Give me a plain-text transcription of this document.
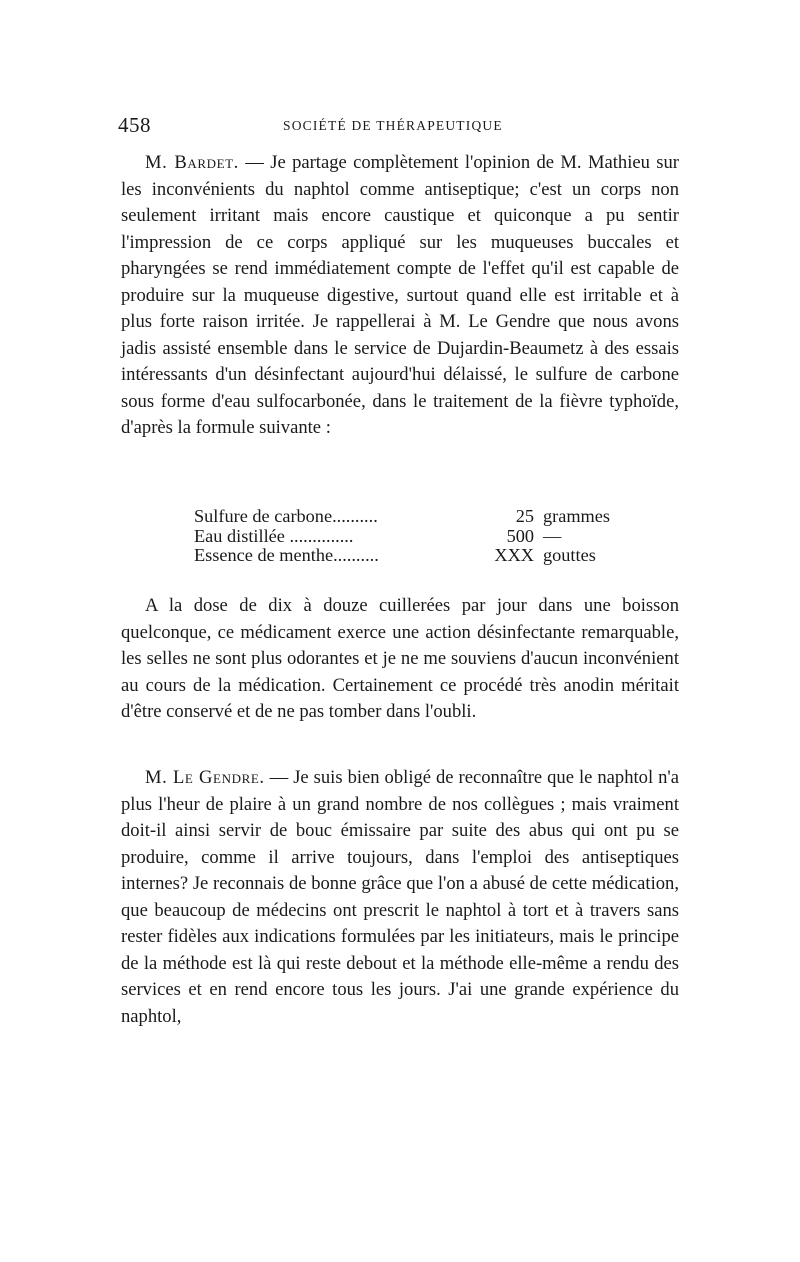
458	SOCIÉTÉ DE THÉRAPEUTIQUE

M. Bardet. — Je partage complètement l'opinion de M. Mathieu sur les inconvénients du naphtol comme antiseptique; c'est un corps non seulement irritant mais encore caustique et quiconque a pu sentir l'impression de ce corps appliqué sur les muqueuses buccales et pharyngées se rend immédiatement compte de l'effet qu'il est capable de produire sur la muqueuse digestive, surtout quand elle est irritable et à plus forte raison irritée. Je rappellerai à M. Le Gendre que nous avons jadis assisté ensemble dans le service de Dujardin-Beaumetz à des essais intéressants d'un désinfectant aujourd'hui délaissé, le sulfure de carbone sous forme d'eau sulfocarbonée, dans le traitement de la fièvre typhoïde, d'après la formule suivante :

Sulfure de carbone..........	25 grammes
Eau distillée ..............	500 —
Essence de menthe..........	XXX gouttes

A la dose de dix à douze cuillerées par jour dans une boisson quelconque, ce médicament exerce une action désinfectante remarquable, les selles ne sont plus odorantes et je ne me souviens d'aucun inconvénient au cours de la médication. Certainement ce procédé très anodin méritait d'être conservé et de ne pas tomber dans l'oubli.

M. Le Gendre. — Je suis bien obligé de reconnaître que le naphtol n'a plus l'heur de plaire à un grand nombre de nos collègues ; mais vraiment doit-il ainsi servir de bouc émissaire par suite des abus qui ont pu se produire, comme il arrive toujours, dans l'emploi des antiseptiques internes? Je reconnais de bonne grâce que l'on a abusé de cette médication, que beaucoup de médecins ont prescrit le naphtol à tort et à travers sans rester fidèles aux indications formulées par les initiateurs, mais le principe de la méthode est là qui reste debout et la méthode elle-même a rendu des services et en rend encore tous les jours. J'ai une grande expérience du naphtol,
